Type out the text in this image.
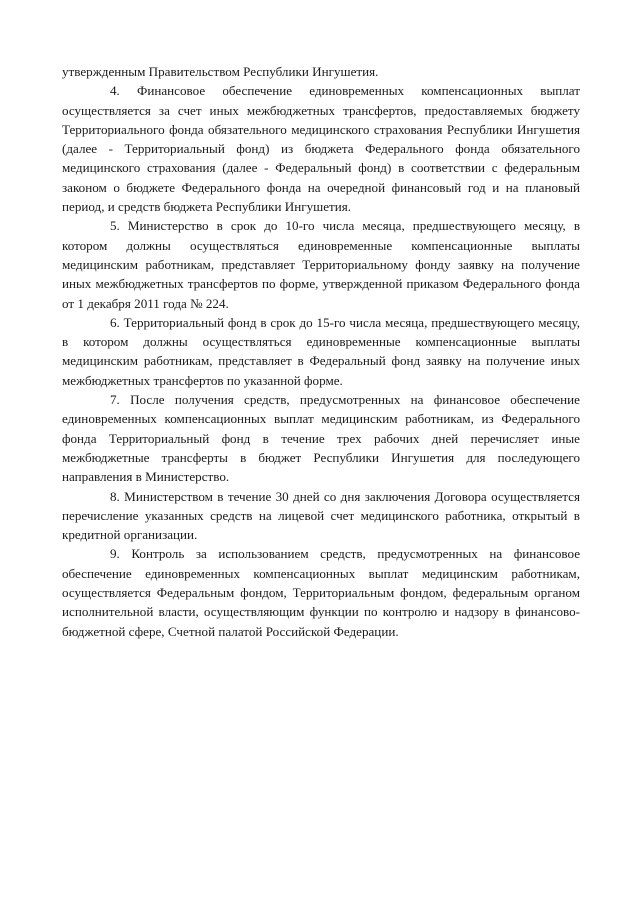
утвержденным Правительством Республики Ингушетия.

4. Финансовое обеспечение единовременных компенсационных выплат осуществляется за счет иных межбюджетных трансфертов, предоставляемых бюджету Территориального фонда обязательного медицинского страхования Республики Ингушетия (далее - Территориальный фонд) из бюджета Федерального фонда обязательного медицинского страхования (далее - Федеральный фонд) в соответствии с федеральным законом о бюджете Федерального фонда на очередной финансовый год и на плановый период, и средств бюджета Республики Ингушетия.

5. Министерство в срок до 10-го числа месяца, предшествующего месяцу, в котором должны осуществляться единовременные компенсационные выплаты медицинским работникам, представляет Территориальному фонду заявку на получение иных межбюджетных трансфертов по форме, утвержденной приказом Федерального фонда от 1 декабря 2011 года № 224.

6. Территориальный фонд в срок до 15-го числа месяца, предшествующего месяцу, в котором должны осуществляться единовременные компенсационные выплаты медицинским работникам, представляет в Федеральный фонд заявку на получение иных межбюджетных трансфертов по указанной форме.

7. После получения средств, предусмотренных на финансовое обеспечение единовременных компенсационных выплат медицинским работникам, из Федерального фонда Территориальный фонд в течение трех рабочих дней перечисляет иные межбюджетные трансферты в бюджет Республики Ингушетия для последующего направления в Министерство.

8. Министерством в течение 30 дней со дня заключения Договора осуществляется перечисление указанных средств на лицевой счет медицинского работника, открытый в кредитной организации.

9. Контроль за использованием средств, предусмотренных на финансовое обеспечение единовременных компенсационных выплат медицинским работникам, осуществляется Федеральным фондом, Территориальным фондом, федеральным органом исполнительной власти, осуществляющим функции по контролю и надзору в финансово-бюджетной сфере, Счетной палатой Российской Федерации.
